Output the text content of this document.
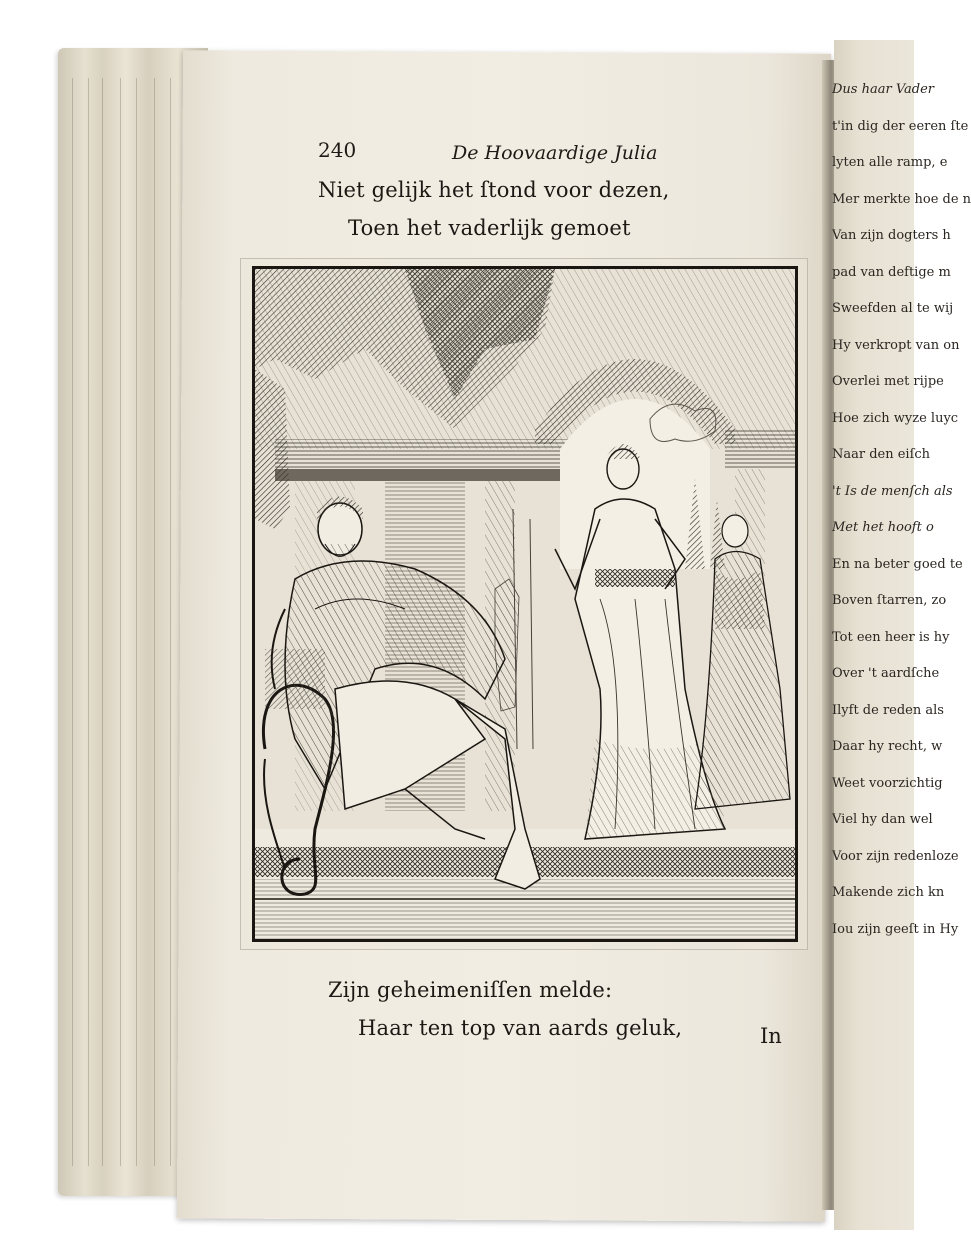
Dus haar Vader
t'in dig der eeren ſte
lyten alle ramp, e
Mer merkte hoe de n
Van zijn dogters h
pad van deftige m
Sweefden al te wij
Hy verkropt van on
Overlei met rijpe
Hoe zich wyze luyc
Naar den eiſch
't Is de menſch als
Met het hooft o
En na beter goed te
Boven ſtarren, zo
Tot een heer is hy
Over 't aardſche
Ilyft de reden als
Daar hy recht, w
Weet voorzichtig
Viel hy dan wel
Voor zijn redenloze
Makende zich kn
Iou zijn geeſt in Hy
240	De Hoovaardige Julia
Niet gelijk het ſtond voor dezen,
Toen het vaderlijk gemoet
Zijn geheimeniſſen melde:
Haar ten top van aards geluk,	In
